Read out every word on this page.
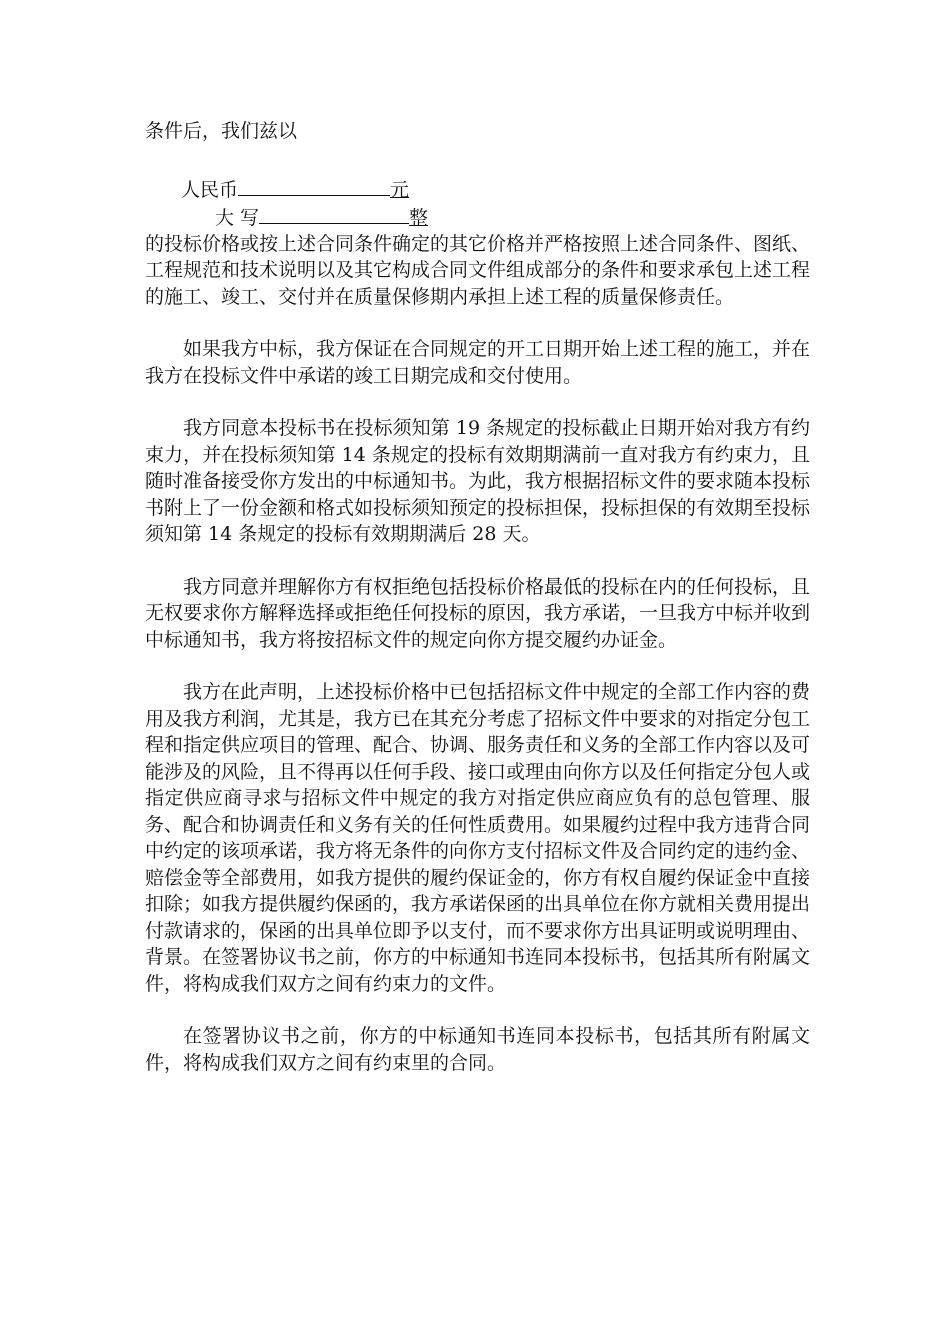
条件后，我们兹以

人民币	元
大 写	整

的投标价格或按上述合同条件确定的其它价格并严格按照上述合同条件、图纸、工程规范和技术说明以及其它构成合同文件组成部分的条件和要求承包上述工程的施工、竣工、交付并在质量保修期内承担上述工程的质量保修责任。

如果我方中标，我方保证在合同规定的开工日期开始上述工程的施工，并在我方在投标文件中承诺的竣工日期完成和交付使用。

我方同意本投标书在投标须知第 19 条规定的投标截止日期开始对我方有约束力，并在投标须知第 14 条规定的投标有效期期满前一直对我方有约束力，且随时准备接受你方发出的中标通知书。为此，我方根据招标文件的要求随本投标书附上了一份金额和格式如投标须知预定的投标担保，投标担保的有效期至投标须知第 14 条规定的投标有效期期满后 28 天。

我方同意并理解你方有权拒绝包括投标价格最低的投标在内的任何投标，且无权要求你方解释选择或拒绝任何投标的原因，我方承诺，一旦我方中标并收到中标通知书，我方将按招标文件的规定向你方提交履约办证金。

我方在此声明，上述投标价格中已包括招标文件中规定的全部工作内容的费用及我方利润，尤其是，我方已在其充分考虑了招标文件中要求的对指定分包工程和指定供应项目的管理、配合、协调、服务责任和义务的全部工作内容以及可能涉及的风险，且不得再以任何手段、接口或理由向你方以及任何指定分包人或指定供应商寻求与招标文件中规定的我方对指定供应商应负有的总包管理、服务、配合和协调责任和义务有关的任何性质费用。如果履约过程中我方违背合同中约定的该项承诺，我方将无条件的向你方支付招标文件及合同约定的违约金、赔偿金等全部费用，如我方提供的履约保证金的，你方有权自履约保证金中直接扣除；如我方提供履约保函的，我方承诺保函的出具单位在你方就相关费用提出付款请求的，保函的出具单位即予以支付，而不要求你方出具证明或说明理由、背景。在签署协议书之前，你方的中标通知书连同本投标书，包括其所有附属文件，将构成我们双方之间有约束力的文件。

在签署协议书之前，你方的中标通知书连同本投标书，包括其所有附属文件，将构成我们双方之间有约束里的合同。
